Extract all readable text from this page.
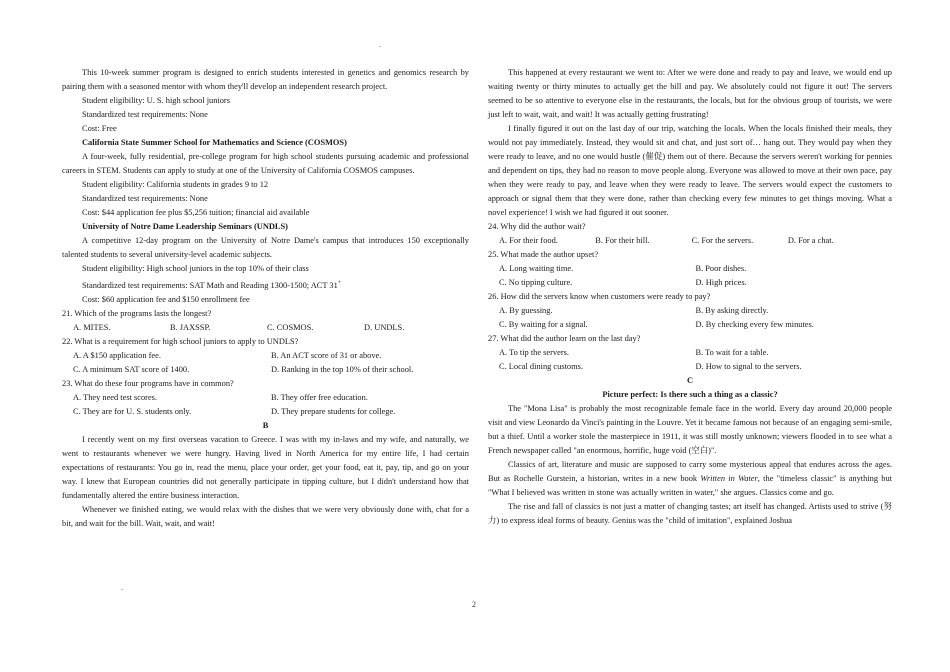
.
.

This 10-week summer program is designed to enrich students interested in genetics and genomics research by pairing them with a seasoned mentor with whom they'll develop an independent research project.

Student eligibility: U. S. high school juniors

Standardized test requirements: None

Cost: Free

California State Summer School for Mathematics and Science (COSMOS)

A four-week, fully residential, pre-college program for high school students pursuing academic and professional careers in STEM. Students can apply to study at one of the University of California COSMOS campuses.

Student eligibility: California students in grades 9 to 12

Standardized test requirements: None

Cost: $44 application fee plus $5,256 tuition; financial aid available

University of Notre Dame Leadership Seminars (UNDLS)

A competitive 12-day program on the University of Notre Dame's campus that introduces 150 exceptionally talented students to several university-level academic subjects.

Student eligibility: High school juniors in the top 10% of their class

Standardized test requirements: SAT Math and Reading 1300-1500; ACT 31+

Cost: $60 application fee and $150 enrollment fee

21. Which of the programs lasts the longest?

A. MITES.	B. JAXSSP.	C. COSMOS.	D. UNDLS.

22. What is a requirement for high school juniors to apply to UNDLS?

A. A $150 application fee.	B. An ACT score of 31 or above.
C. A minimum SAT score of 1400.	D. Ranking in the top 10% of their school.

23. What do these four programs have in common?

A. They need test scores.	B. They offer free education.
C. They are for U. S. students only.	D. They prepare students for college.

B

I recently went on my first overseas vacation to Greece. I was with my in-laws and my wife, and naturally, we went to restaurants whenever we were hungry. Having lived in North America for my entire life, I had certain expectations of restaurants: You go in, read the menu, place your order, get your food, eat it, pay, tip, and go on your way. I knew that European countries did not generally participate in tipping culture, but I didn't understand how that fundamentally altered the entire business interaction.

Whenever we finished eating, we would relax with the dishes that we were very obviously done with, chat for a bit, and wait for the bill. Wait, wait, and wait!

This happened at every restaurant we went to: After we were done and ready to pay and leave, we would end up waiting twenty or thirty minutes to actually get the bill and pay. We absolutely could not figure it out! The servers seemed to be so attentive to everyone else in the restaurants, the locals, but for the obvious group of tourists, we were just left to wait, wait, and wait! It was actually getting frustrating!

I finally figured it out on the last day of our trip, watching the locals. When the locals finished their meals, they would not pay immediately. Instead, they would sit and chat, and just sort of… hang out. They would pay when they were ready to leave, and no one would hustle (催促) them out of there. Because the servers weren't working for pennies and dependent on tips, they had no reason to move people along. Everyone was allowed to move at their own pace, pay when they were ready to pay, and leave when they were ready to leave. The servers would expect the customers to approach or signal them that they were done, rather than checking every few minutes to get things moving. What a novel experience! I wish we had figured it out sooner.

24. Why did the author wait?

A. For their food.	B. For their bill.	C. For the servers.	D. For a chat.

25. What made the author upset?

A. Long waiting time.	B. Poor dishes.
C. No tipping culture.	D. High prices.

26. How did the servers know when customers were ready to pay?

A. By guessing.	B. By asking directly.
C. By waiting for a signal.	D. By checking every few minutes.

27. What did the author learn on the last day?

A. To tip the servers.	B. To wait for a table.
C. Local dining customs.	D. How to signal to the servers.

C

Picture perfect: Is there such a thing as a classic?

The "Mona Lisa" is probably the most recognizable female face in the world. Every day around 20,000 people visit and view Leonardo da Vinci's painting in the Louvre. Yet it became famous not because of an engaging semi-smile, but a thief. Until a worker stole the masterpiece in 1911, it was still mostly unknown; viewers flooded in to see what a French newspaper called "an enormous, horrific, huge void (空白)".

Classics of art, literature and music are supposed to carry some mysterious appeal that endures across the ages. But as Rochelle Gurstein, a historian, writes in a new book Written in Water, the "timeless classic" is anything but "What I believed was written in stone was actually written in water," she argues. Classics come and go.

The rise and fall of classics is not just a matter of changing tastes; art itself has changed. Artists used to strive (努力) to express ideal forms of beauty. Genius was the "child of imitation", explained Joshua

2
